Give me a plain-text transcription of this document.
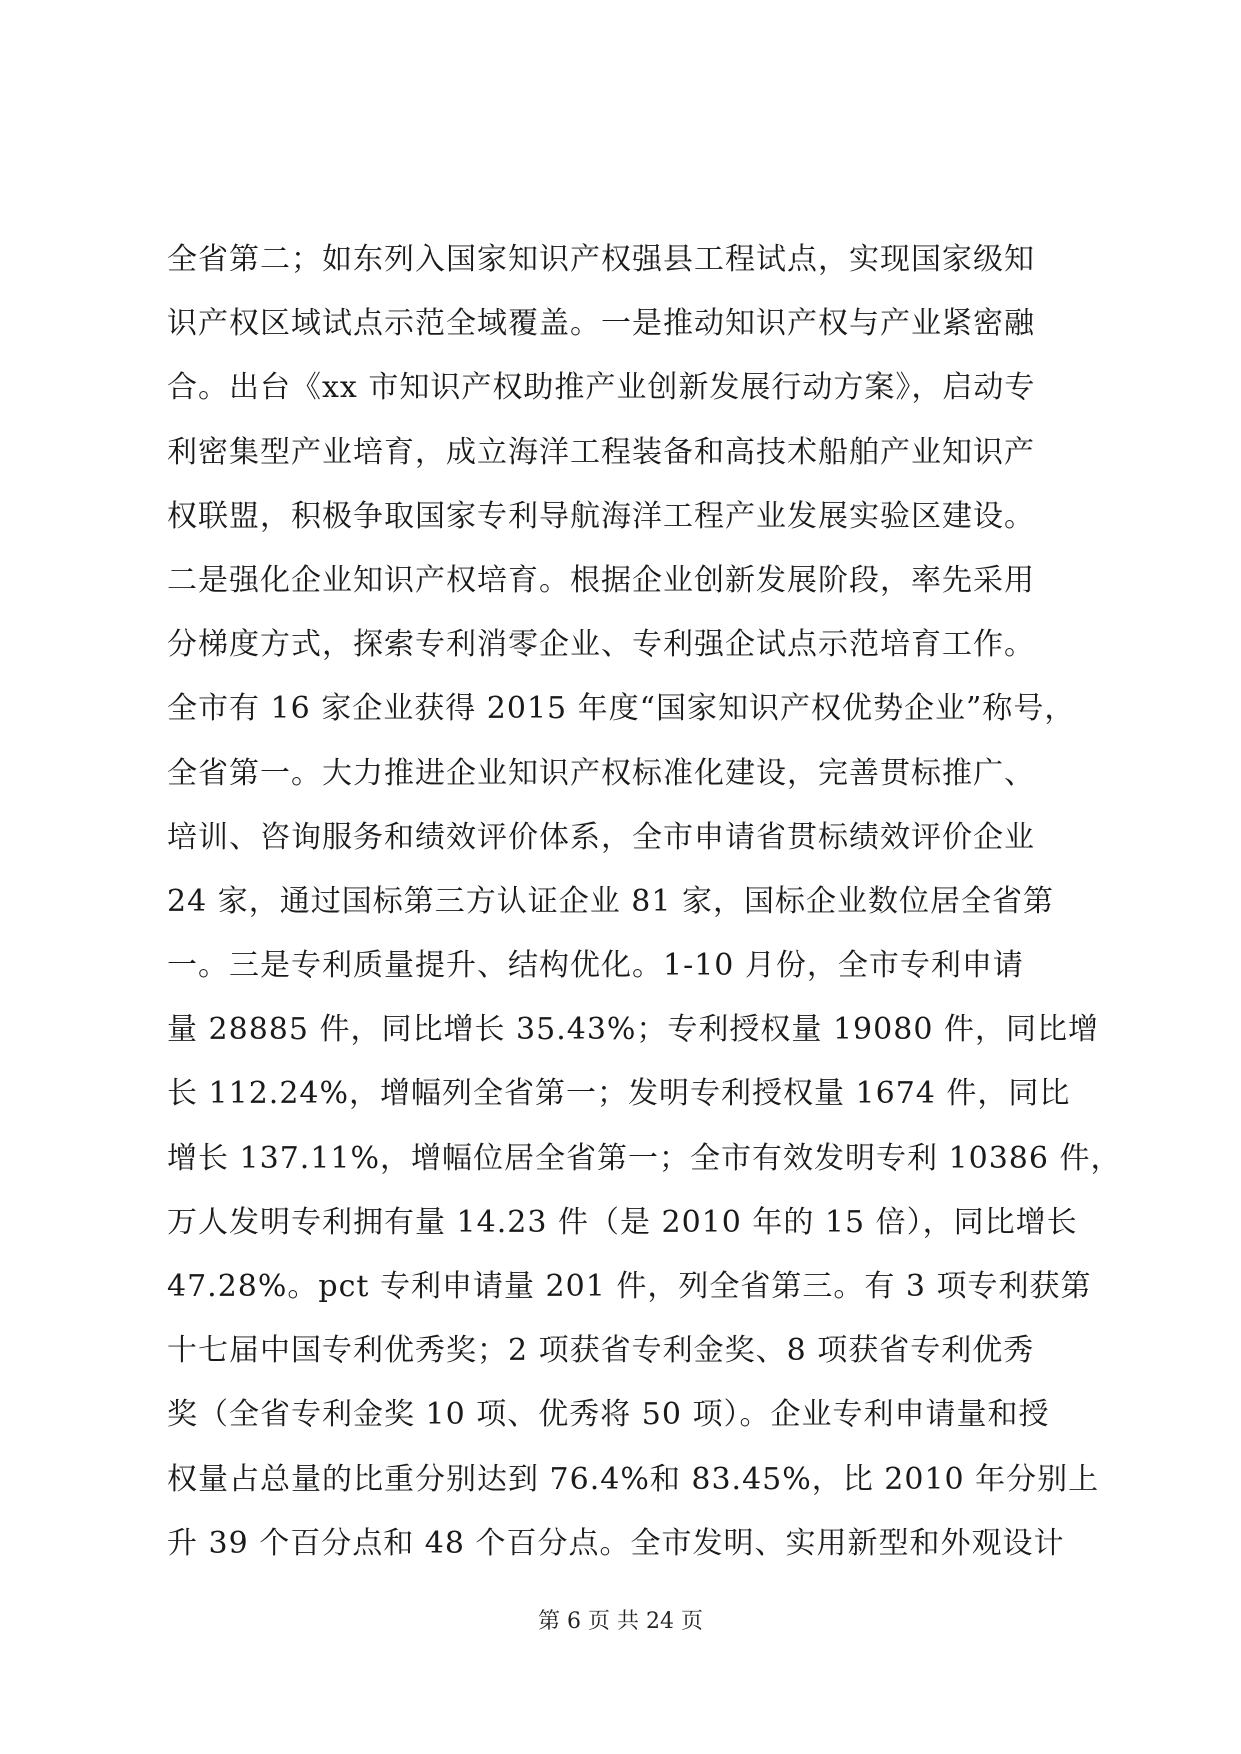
全省第二；如东列入国家知识产权强县工程试点，实现国家级知
识产权区域试点示范全域覆盖。一是推动知识产权与产业紧密融
合。出台《xx 市知识产权助推产业创新发展行动方案》，启动专
利密集型产业培育，成立海洋工程装备和高技术船舶产业知识产
权联盟，积极争取国家专利导航海洋工程产业发展实验区建设。
二是强化企业知识产权培育。根据企业创新发展阶段，率先采用
分梯度方式，探索专利消零企业、专利强企试点示范培育工作。
全市有 16 家企业获得 2015 年度“国家知识产权优势企业”称号，
全省第一。大力推进企业知识产权标准化建设，完善贯标推广、
培训、咨询服务和绩效评价体系，全市申请省贯标绩效评价企业
24 家，通过国标第三方认证企业 81 家，国标企业数位居全省第
一。三是专利质量提升、结构优化。1-10 月份，全市专利申请
量 28885 件，同比增长 35.43%；专利授权量 19080 件，同比增
长 112.24%，增幅列全省第一；发明专利授权量 1674 件，同比
增长 137.11%，增幅位居全省第一；全市有效发明专利 10386 件，
万人发明专利拥有量 14.23 件（是 2010 年的 15 倍），同比增长
47.28%。pct 专利申请量 201 件，列全省第三。有 3 项专利获第
十七届中国专利优秀奖；2 项获省专利金奖、8 项获省专利优秀
奖（全省专利金奖 10 项、优秀将 50 项）。企业专利申请量和授
权量占总量的比重分别达到 76.4%和 83.45%，比 2010 年分别上
升 39 个百分点和 48 个百分点。全市发明、实用新型和外观设计
第 6 页 共 24 页
